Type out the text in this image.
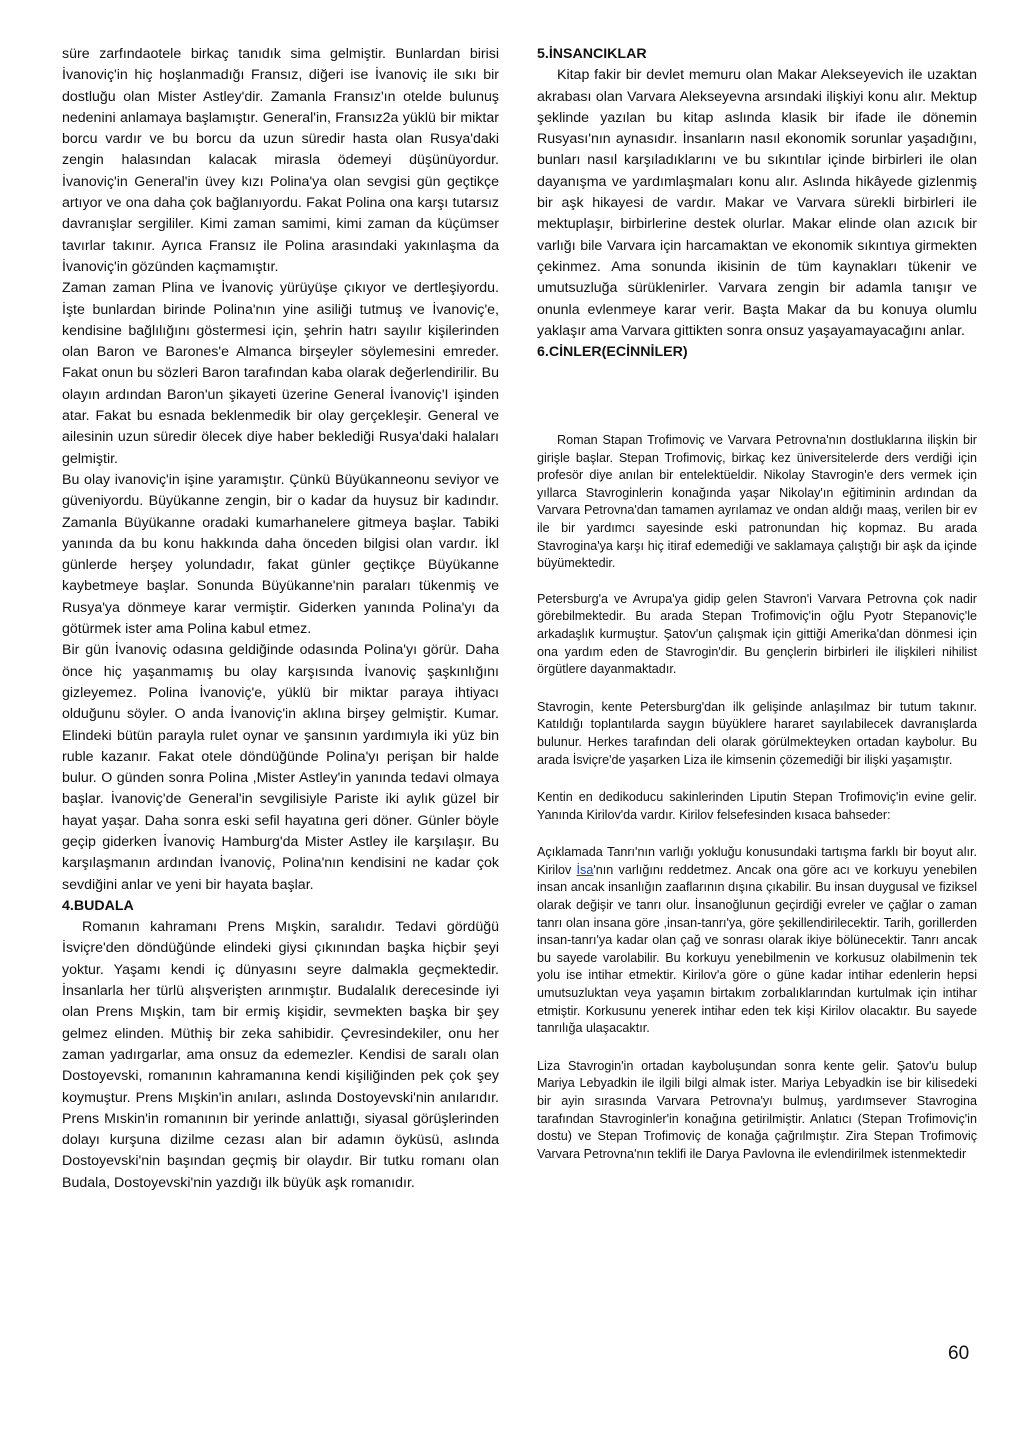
süre zarfındaotele birkaç tanıdık sima gelmiştir. Bunlardan birisi İvanoviç'in hiç hoşlanmadığı Fransız, diğeri ise İvanoviç ile sıkı bir dostluğu olan Mister Astley'dir. Zamanla Fransız'ın otelde bulunuş nedenini anlamaya başlamıştır. General'in, Fransız2a yüklü bir miktar borcu vardır ve bu borcu da uzun süredir hasta olan Rusya'daki zengin halasından kalacak mirasla ödemeyi düşünüyordur. İvanoviç'in General'in üvey kızı Polina'ya olan sevgisi gün geçtikçe artıyor ve ona daha çok bağlanıyordu. Fakat Polina ona karşı tutarsız davranışlar sergililer. Kimi zaman samimi, kimi zaman da küçümser tavırlar takınır. Ayrıca Fransız ile Polina arasındaki yakınlaşma da İvanoviç'in gözünden kaçmamıştır.

Zaman zaman Plina ve İvanoviç yürüyüşe çıkıyor ve dertleşiyordu. İşte bunlardan birinde Polina'nın yine asiliği tutmuş ve İvanoviç'e, kendisine bağlılığını göstermesi için, şehrin hatrı sayılır kişilerinden olan Baron ve Barones'e Almanca birşeyler söylemesini emreder. Fakat onun bu sözleri Baron tarafından kaba olarak değerlendirilir. Bu olayın ardından Baron'un şikayeti üzerine General İvanoviç'I işinden atar. Fakat bu esnada beklenmedik bir olay gerçekleşir. General ve ailesinin uzun süredir ölecek diye haber beklediği Rusya'daki halaları gelmiştir.

Bu olay ivanoviç'in işine yaramıştır. Çünkü Büyükanneonu seviyor ve güveniyordu. Büyükanne zengin, bir o kadar da huysuz bir kadındır. Zamanla Büyükanne oradaki kumarhanelere gitmeya başlar. Tabiki yanında da bu konu hakkında daha önceden bilgisi olan vardır. İkl günlerde herşey yolundadır, fakat günler geçtikçe Büyükanne kaybetmeye başlar. Sonunda Büyükanne'nin paraları tükenmiş ve Rusya'ya dönmeye karar vermiştir. Giderken yanında Polina'yı da götürmek ister ama Polina kabul etmez.

Bir gün İvanoviç odasına geldiğinde odasında Polina'yı görür. Daha önce hiç yaşanmamış bu olay karşısında İvanoviç şaşkınlığını gizleyemez. Polina İvanoviç'e, yüklü bir miktar paraya ihtiyacı olduğunu söyler. O anda İvanoviç'in aklına birşey gelmiştir. Kumar. Elindeki bütün parayla rulet oynar ve şansının yardımıyla iki yüz bin ruble kazanır. Fakat otele döndüğünde Polina'yı perişan bir halde bulur. O günden sonra Polina ,Mister Astley'in yanında tedavi olmaya başlar. İvanoviç'de General'in sevgilisiyle Pariste iki aylık güzel bir hayat yaşar. Daha sonra eski sefil hayatına geri döner. Günler böyle geçip giderken İvanoviç Hamburg'da Mister Astley ile karşılaşır. Bu karşılaşmanın ardından İvanoviç, Polina'nın kendisini ne kadar çok sevdiğini anlar ve yeni bir hayata başlar.

4.BUDALA

Romanın kahramanı Prens Mışkin, saralıdır. Tedavi gördüğü İsviçre'den döndüğünde elindeki giysi çıkınından başka hiçbir şeyi yoktur. Yaşamı kendi iç dünyasını seyre dalmakla geçmektedir. İnsanlarla her türlü alışverişten arınmıştır. Budalalık derecesinde iyi olan Prens Mışkin, tam bir ermiş kişidir, sevmekten başka bir şey gelmez elinden. Müthiş bir zeka sahibidir. Çevresindekiler, onu her zaman yadırgarlar, ama onsuz da edemezler. Kendisi de saralı olan Dostoyevski, romanının kahramanına kendi kişiliğinden pek çok şey koymuştur. Prens Mışkin'in anıları, aslında Dostoyevski'nin anılarıdır. Prens Mıskin'in romanının bir yerinde anlattığı, siyasal görüşlerinden dolayı kurşuna dizilme cezası alan bir adamın öyküsü, aslında Dostoyevski'nin başından geçmiş bir olaydır. Bir tutku romanı olan Budala, Dostoyevski'nin yazdığı ilk büyük aşk romanıdır.

5.İNSANCIKLAR

Kitap fakir bir devlet memuru olan Makar Alekseyevich ile uzaktan akrabası olan Varvara Alekseyevna arsındaki ilişkiyi konu alır. Mektup şeklinde yazılan bu kitap aslında klasik bir ifade ile dönemin Rusyası'nın aynasıdır. İnsanların nasıl ekonomik sorunlar yaşadığını, bunları nasıl karşıladıklarını ve bu sıkıntılar içinde birbirleri ile olan dayanışma ve yardımlaşmaları konu alır. Aslında hikâyede gizlenmiş bir aşk hikayesi de vardır. Makar ve Varvara sürekli birbirleri ile mektuplaşır, birbirlerine destek olurlar. Makar elinde olan azıcık bir varlığı bile Varvara için harcamaktan ve ekonomik sıkıntıya girmekten çekinmez. Ama sonunda ikisinin de tüm kaynakları tükenir ve umutsuzluğa sürüklenirler. Varvara zengin bir adamla tanışır ve onunla evlenmeye karar verir. Başta Makar da bu konuya olumlu yaklaşır ama Varvara gittikten sonra onsuz yaşayamayacağını anlar.

6.CİNLER(ECİNNİLER)

Roman Stapan Trofimoviç ve Varvara Petrovna'nın dostluklarına ilişkin bir girişle başlar. Stepan Trofimoviç, birkaç kez üniversitelerde ders verdiği için profesör diye anılan bir entelektüeldir. Nikolay Stavrogin'e ders vermek için yıllarca Stavroginlerin konağında yaşar Nikolay'ın eğitiminin ardından da Varvara Petrovna'dan tamamen ayrılamaz ve ondan aldığı maaş, verilen bir ev ile bir yardımcı sayesinde eski patronundan hiç kopmaz. Bu arada Stavrogina'ya karşı hiç itiraf edemediği ve saklamaya çalıştığı bir aşk da içinde büyümektedir.

Petersburg'a ve Avrupa'ya gidip gelen Stavron'i Varvara Petrovna çok nadir görebilmektedir. Bu arada Stepan Trofimoviç'in oğlu Pyotr Stepanoviç'le arkadaşlık kurmuştur. Şatov'un çalışmak için gittiği Amerika'dan dönmesi için ona yardım eden de Stavrogin'dir. Bu gençlerin birbirleri ile ilişkileri nihilist örgütlere dayanmaktadır.

Stavrogin, kente Petersburg'dan ilk gelişinde anlaşılmaz bir tutum takınır. Katıldığı toplantılarda saygın büyüklere hararet sayılabilecek davranışlarda bulunur. Herkes tarafından deli olarak görülmekteyken ortadan kaybolur. Bu arada İsviçre'de yaşarken Liza ile kimsenin çözemediği bir ilişki yaşamıştır.

Kentin en dedikoducu sakinlerinden Liputin Stepan Trofimoviç'in evine gelir. Yanında Kirilov'da vardır. Kirilov felsefesinden kısaca bahseder:

Açıklamada Tanrı'nın varlığı yokluğu konusundaki tartışma farklı bir boyut alır. Kirilov İsa'nın varlığını reddetmez. Ancak ona göre acı ve korkuyu yenebilen insan ancak insanlığın zaaflarının dışına çıkabilir. Bu insan duygusal ve fiziksel olarak değişir ve tanrı olur. İnsanoğlunun geçirdiği evreler ve çağlar o zaman tanrı olan insana göre ,insan-tanrı'ya, göre şekillendirilecektir. Tarih, gorillerden insan-tanrı'ya kadar olan çağ ve sonrası olarak ikiye bölünecektir. Tanrı ancak bu sayede varolabilir. Bu korkuyu yenebilmenin ve korkusuz olabilmenin tek yolu ise intihar etmektir. Kirilov'a göre o güne kadar intihar edenlerin hepsi umutsuzluktan veya yaşamın birtakım zorbalıklarından kurtulmak için intihar etmiştir. Korkusunu yenerek intihar eden tek kişi Kirilov olacaktır. Bu sayede tanrılığa ulaşacaktır.

Liza Stavrogin'in ortadan kayboluşundan sonra kente gelir. Şatov'u bulup Mariya Lebyadkin ile ilgili bilgi almak ister. Mariya Lebyadkin ise bir kilisedeki bir ayin sırasında Varvara Petrovna'yı bulmuş, yardımsever Stavrogina tarafından Stavroginler'in konağına getirilmiştir. Anlatıcı (Stepan Trofimoviç'in dostu) ve Stepan Trofimoviç de konağa çağrılmıştır. Zira Stepan Trofimoviç Varvara Petrovna'nın teklifi ile Darya Pavlovna ile evlendirilmek istenmektedir

60
